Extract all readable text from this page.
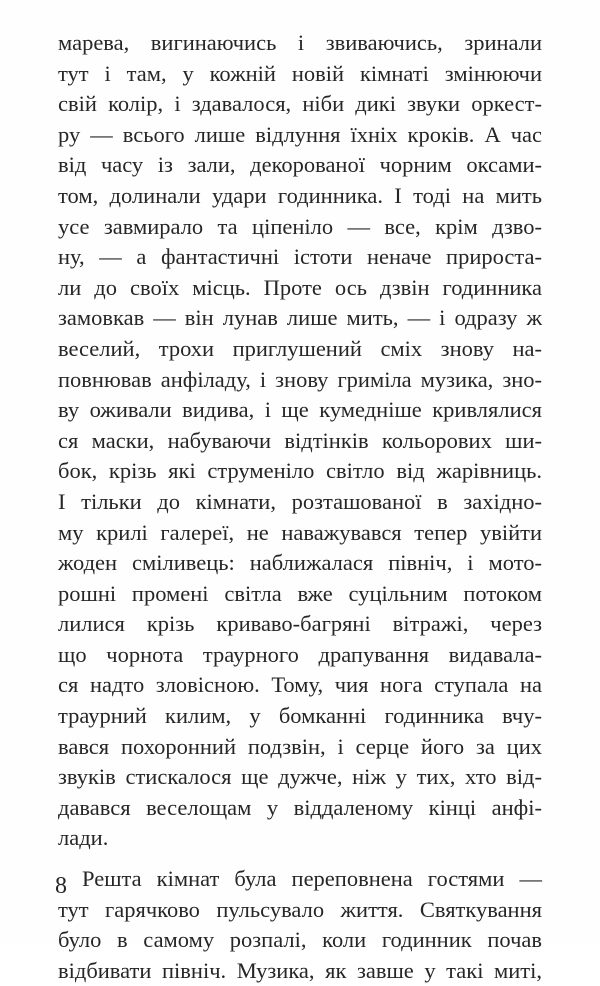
марева, вигинаючись і звиваючись, зринали
тут і там, у кожній новій кімнаті змінюючи
свій колір, і здавалося, ніби дикі звуки оркест-
ру — всього лише відлуння їхніх кроків. А час
від часу із зали, декорованої чорним оксами-
том, долинали удари годинника. І тоді на мить
усе завмирало та ціпеніло — все, крім дзво-
ну, — а фантастичні істоти неначе прироста-
ли до своїх місць. Проте ось дзвін годинника
замовкав — він лунав лише мить, — і одразу ж
веселий, трохи приглушений сміх знову на-
повнював анфіладу, і знову гриміла музика, зно-
ву оживали видива, і ще кумедніше кривлялися
ся маски, набуваючи відтінків кольорових ши-
бок, крізь які струменіло світло від жарівниць.
І тільки до кімнати, розташованої в західно-
му крилі галереї, не наважувався тепер увійти
жоден сміливець: наближалася північ, і мото-
рошні промені світла вже суцільним потоком
лилися крізь криваво-багряні вітражі, через
що чорнота траурного драпування видавала-
ся надто зловісною. Тому, чия нога ступала на
траурний килим, у бомканні годинника вчу-
вався похоронний подзвін, і серце його за цих
звуків стискалося ще дужче, ніж у тих, хто від-
давався веселощам у віддаленому кінці анфі-
лади.
Решта кімнат була переповнена гостями —
тут гарячково пульсувало життя. Святкування
було в самому розпалі, коли годинник почав
відбивати північ. Музика, як завше у такі миті,
8
